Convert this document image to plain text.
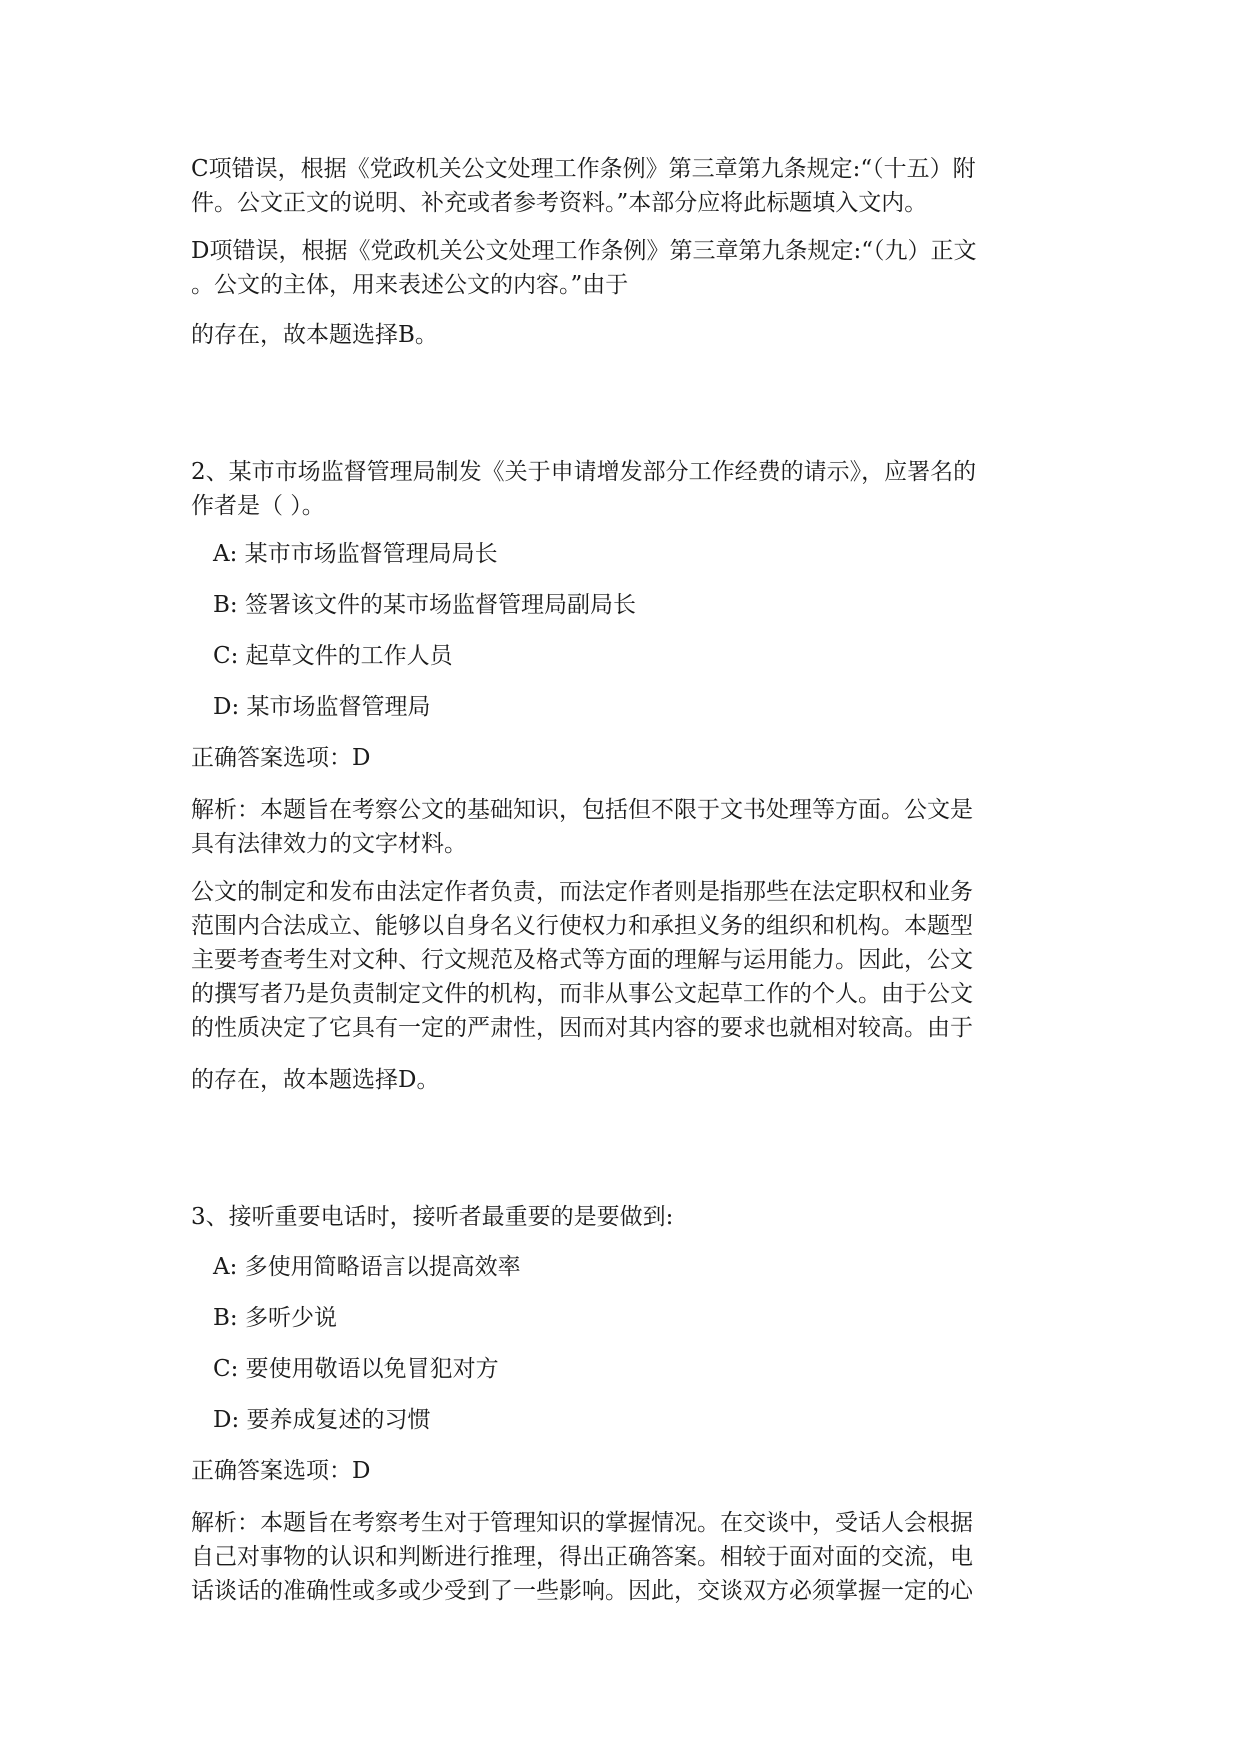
C项错误，根据《党政机关公文处理工作条例》第三章第九条规定:“（十五）附

件。公文正文的说明、补充或者参考资料。”本部分应将此标题填入文内。

D项错误，根据《党政机关公文处理工作条例》第三章第九条规定:“（九）正文

。公文的主体，用来表述公文的内容。”由于

的存在，故本题选择B。

2、某市市场监督管理局制发《关于申请增发部分工作经费的请示》，应署名的

作者是（ ）。

A: 某市市场监督管理局局长

B: 签署该文件的某市场监督管理局副局长

C: 起草文件的工作人员

D: 某市场监督管理局

正确答案选项：D

解析：本题旨在考察公文的基础知识，包括但不限于文书处理等方面。公文是

具有法律效力的文字材料。

公文的制定和发布由法定作者负责，而法定作者则是指那些在法定职权和业务

范围内合法成立、能够以自身名义行使权力和承担义务的组织和机构。本题型

主要考查考生对文种、行文规范及格式等方面的理解与运用能力。因此，公文

的撰写者乃是负责制定文件的机构，而非从事公文起草工作的个人。由于公文

的性质决定了它具有一定的严肃性，因而对其内容的要求也就相对较高。由于

的存在，故本题选择D。

3、接听重要电话时，接听者最重要的是要做到:

A: 多使用简略语言以提高效率

B: 多听少说

C: 要使用敬语以免冒犯对方

D: 要养成复述的习惯

正确答案选项：D

解析：本题旨在考察考生对于管理知识的掌握情况。在交谈中，受话人会根据

自己对事物的认识和判断进行推理，得出正确答案。相较于面对面的交流，电

话谈话的准确性或多或少受到了一些影响。因此，交谈双方必须掌握一定的心
